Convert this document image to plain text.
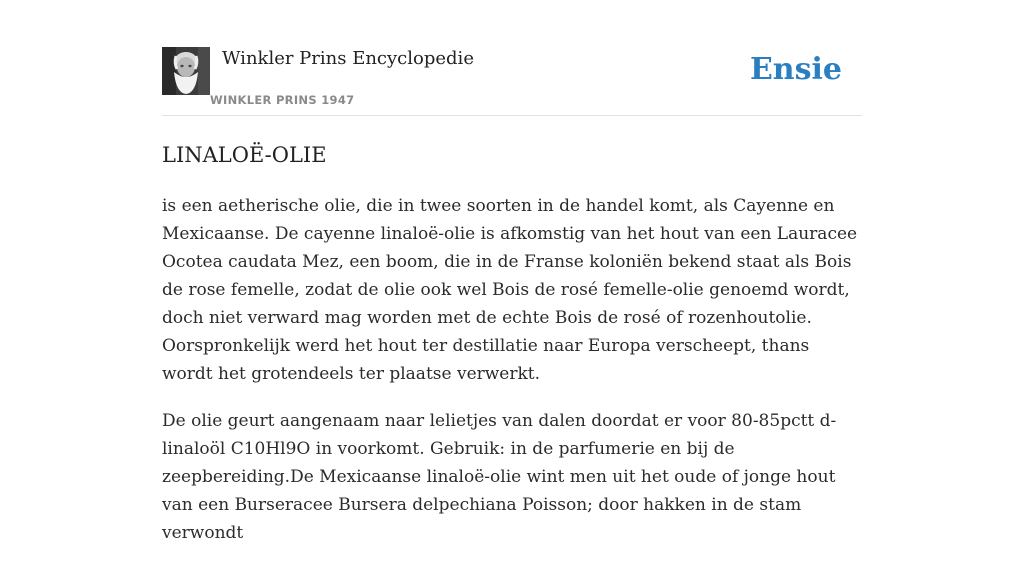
Winkler Prins Encyclopedie
WINKLER PRINS 1947
Ensie
LINALOË-OLIE

is een aetherische olie, die in twee soorten in de handel komt, als Cayenne en Mexicaanse. De cayenne linaloë-olie is afkomstig van het hout van een Lauracee Ocotea caudata Mez, een boom, die in de Franse koloniën bekend staat als Bois de rose femelle, zodat de olie ook wel Bois de rosé femelle-olie genoemd wordt, doch niet verward mag worden met de echte Bois de rosé of rozenhoutolie. Oorspronkelijk werd het hout ter destillatie naar Europa verscheept, thans wordt het grotendeels ter plaatse verwerkt.

De olie geurt aangenaam naar lelietjes van dalen doordat er voor 80-85pctt d-linaloöl C10Hl9O in voorkomt. Gebruik: in de parfumerie en bij de zeepbereiding.De Mexicaanse linaloë-olie wint men uit het oude of jonge hout van een Burseracee Bursera delpechiana Poisson; door hakken in de stam verwondt
